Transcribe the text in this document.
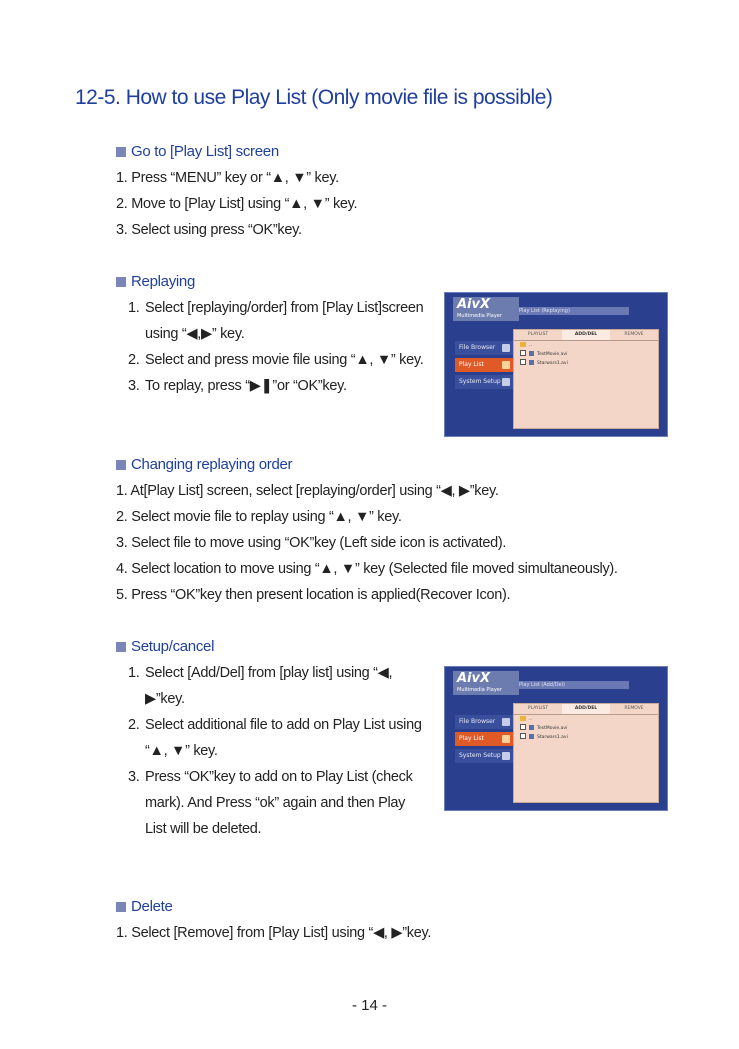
12-5. How to use Play List (Only movie file is possible)
Go to [Play List] screen
1. Press “MENU” key or “▲, ▼” key.
2. Move to [Play List] using “▲, ▼” key.
3. Select using press “OK”key.
Replaying
1. Select [replaying/order] from [Play List]screen using “◀,▶” key.
2. Select and press movie file using “▲, ▼” key.
3. To replay, press “▶❚”or “OK”key.
AivX
Multimedia Player
Play List (Replaying)
File Browser
Play List
System Setup
PLAYLIST	ADD/DEL	REMOVE
..
TestMovie.avi
Starwars1.avi
Changing replaying order
1. At[Play List] screen, select [replaying/order] using “◀, ▶”key.
2. Select movie file to replay using “▲, ▼” key.
3. Select file to move using “OK”key (Left side icon is activated).
4. Select location to move using “▲, ▼” key (Selected file moved simultaneously).
5. Press “OK”key then present location is applied(Recover Icon).
Setup/cancel
1. Select [Add/Del] from [play list] using “◀, ▶”key.
2. Select additional file to add on Play List using “▲, ▼” key.
3. Press “OK”key to add on to Play List (check mark). And Press “ok” again and then Play List will be deleted.
AivX
Multimedia Player
Play List (Add/Del)
File Browser
Play List
System Setup
PLAYLIST	ADD/DEL	REMOVE
..
TestMovie.avi
Starwars1.avi
Delete
1. Select [Remove] from [Play List] using “◀, ▶”key.
- 14 -
